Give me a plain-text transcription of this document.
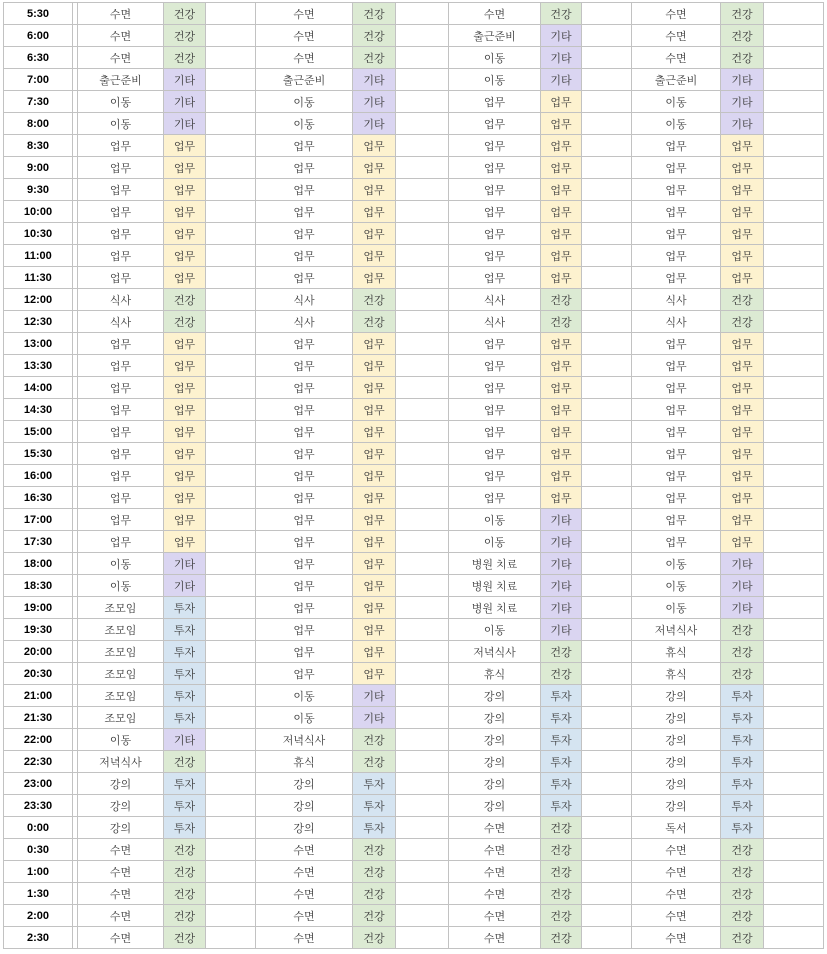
5:30		수면	건강		수면	건강		수면	건강		수면	건강	
6:00		수면	건강		수면	건강		출근준비	기타		수면	건강	
6:30		수면	건강		수면	건강		이동	기타		수면	건강	
7:00		출근준비	기타		출근준비	기타		이동	기타		출근준비	기타	
7:30		이동	기타		이동	기타		업무	업무		이동	기타	
8:00		이동	기타		이동	기타		업무	업무		이동	기타	
8:30		업무	업무		업무	업무		업무	업무		업무	업무	
9:00		업무	업무		업무	업무		업무	업무		업무	업무	
9:30		업무	업무		업무	업무		업무	업무		업무	업무	
10:00		업무	업무		업무	업무		업무	업무		업무	업무	
10:30		업무	업무		업무	업무		업무	업무		업무	업무	
11:00		업무	업무		업무	업무		업무	업무		업무	업무	
11:30		업무	업무		업무	업무		업무	업무		업무	업무	
12:00		식사	건강		식사	건강		식사	건강		식사	건강	
12:30		식사	건강		식사	건강		식사	건강		식사	건강	
13:00		업무	업무		업무	업무		업무	업무		업무	업무	
13:30		업무	업무		업무	업무		업무	업무		업무	업무	
14:00		업무	업무		업무	업무		업무	업무		업무	업무	
14:30		업무	업무		업무	업무		업무	업무		업무	업무	
15:00		업무	업무		업무	업무		업무	업무		업무	업무	
15:30		업무	업무		업무	업무		업무	업무		업무	업무	
16:00		업무	업무		업무	업무		업무	업무		업무	업무	
16:30		업무	업무		업무	업무		업무	업무		업무	업무	
17:00		업무	업무		업무	업무		이동	기타		업무	업무	
17:30		업무	업무		업무	업무		이동	기타		업무	업무	
18:00		이동	기타		업무	업무		병원 치료	기타		이동	기타	
18:30		이동	기타		업무	업무		병원 치료	기타		이동	기타	
19:00		조모임	투자		업무	업무		병원 치료	기타		이동	기타	
19:30		조모임	투자		업무	업무		이동	기타		저녁식사	건강	
20:00		조모임	투자		업무	업무		저녁식사	건강		휴식	건강	
20:30		조모임	투자		업무	업무		휴식	건강		휴식	건강	
21:00		조모임	투자		이동	기타		강의	투자		강의	투자	
21:30		조모임	투자		이동	기타		강의	투자		강의	투자	
22:00		이동	기타		저녁식사	건강		강의	투자		강의	투자	
22:30		저녁식사	건강		휴식	건강		강의	투자		강의	투자	
23:00		강의	투자		강의	투자		강의	투자		강의	투자	
23:30		강의	투자		강의	투자		강의	투자		강의	투자	
0:00		강의	투자		강의	투자		수면	건강		독서	투자	
0:30		수면	건강		수면	건강		수면	건강		수면	건강	
1:00		수면	건강		수면	건강		수면	건강		수면	건강	
1:30		수면	건강		수면	건강		수면	건강		수면	건강	
2:00		수면	건강		수면	건강		수면	건강		수면	건강	
2:30		수면	건강		수면	건강		수면	건강		수면	건강	
